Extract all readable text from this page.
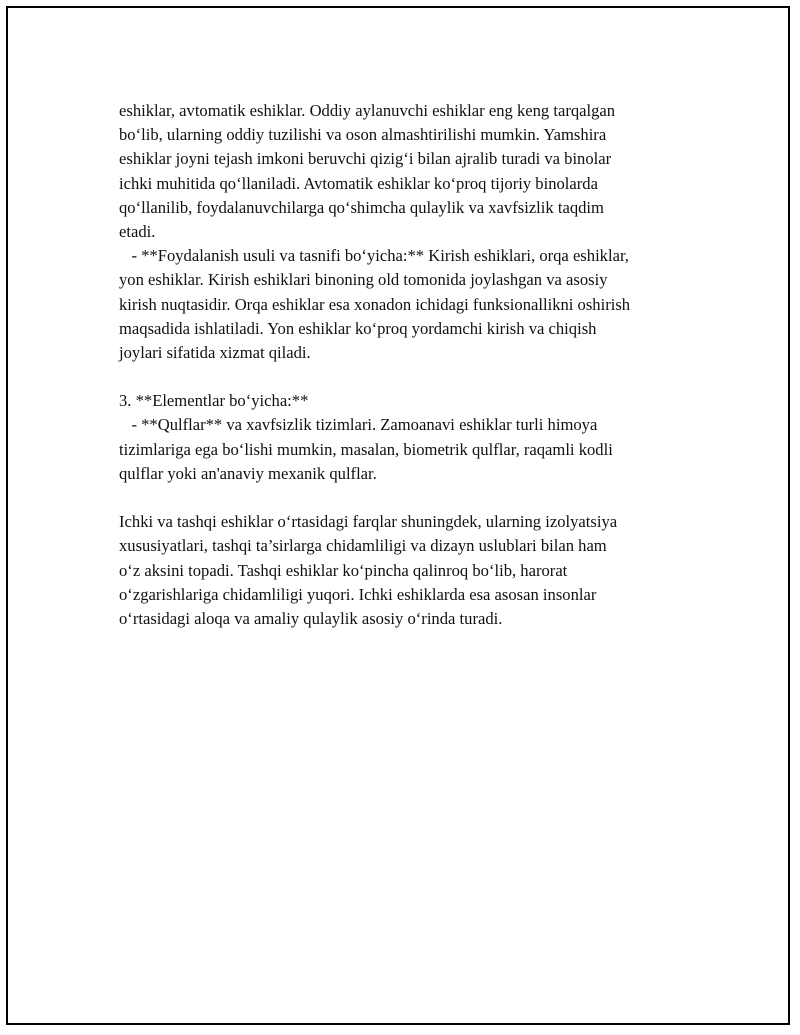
eshiklar, avtomatik eshiklar. Oddiy aylanuvchi eshiklar eng keng tarqalgan
bo‘lib, ularning oddiy tuzilishi va oson almashtirilishi mumkin. Yamshira
eshiklar joyni tejash imkoni beruvchi qizig‘i bilan ajralib turadi va binolar
ichki muhitida qo‘llaniladi. Avtomatik eshiklar ko‘proq tijoriy binolarda
qo‘llanilib, foydalanuvchilarga qo‘shimcha qulaylik va xavfsizlik taqdim
etadi.
- **Foydalanish usuli va tasnifi bo‘yicha:** Kirish eshiklari, orqa eshiklar,
yon eshiklar. Kirish eshiklari binoning old tomonida joylashgan va asosiy
kirish nuqtasidir. Orqa eshiklar esa xonadon ichidagi funksionallikni oshirish
maqsadida ishlatiladi. Yon eshiklar ko‘proq yordamchi kirish va chiqish
joylari sifatida xizmat qiladi.
3. **Elementlar bo‘yicha:**
- **Qulflar** va xavfsizlik tizimlari. Zamoanavi eshiklar turli himoya
tizimlariga ega bo‘lishi mumkin, masalan, biometrik qulflar, raqamli kodli
qulflar yoki an'anaviy mexanik qulflar.
Ichki va tashqi eshiklar o‘rtasidagi farqlar shuningdek, ularning izolyatsiya
xususiyatlari, tashqi ta’sirlarga chidamliligi va dizayn uslublari bilan ham
o‘z aksini topadi. Tashqi eshiklar ko‘pincha qalinroq bo‘lib, harorat
o‘zgarishlariga chidamliligi yuqori. Ichki eshiklarda esa asosan insonlar
o‘rtasidagi aloqa va amaliy qulaylik asosiy o‘rinda turadi.
